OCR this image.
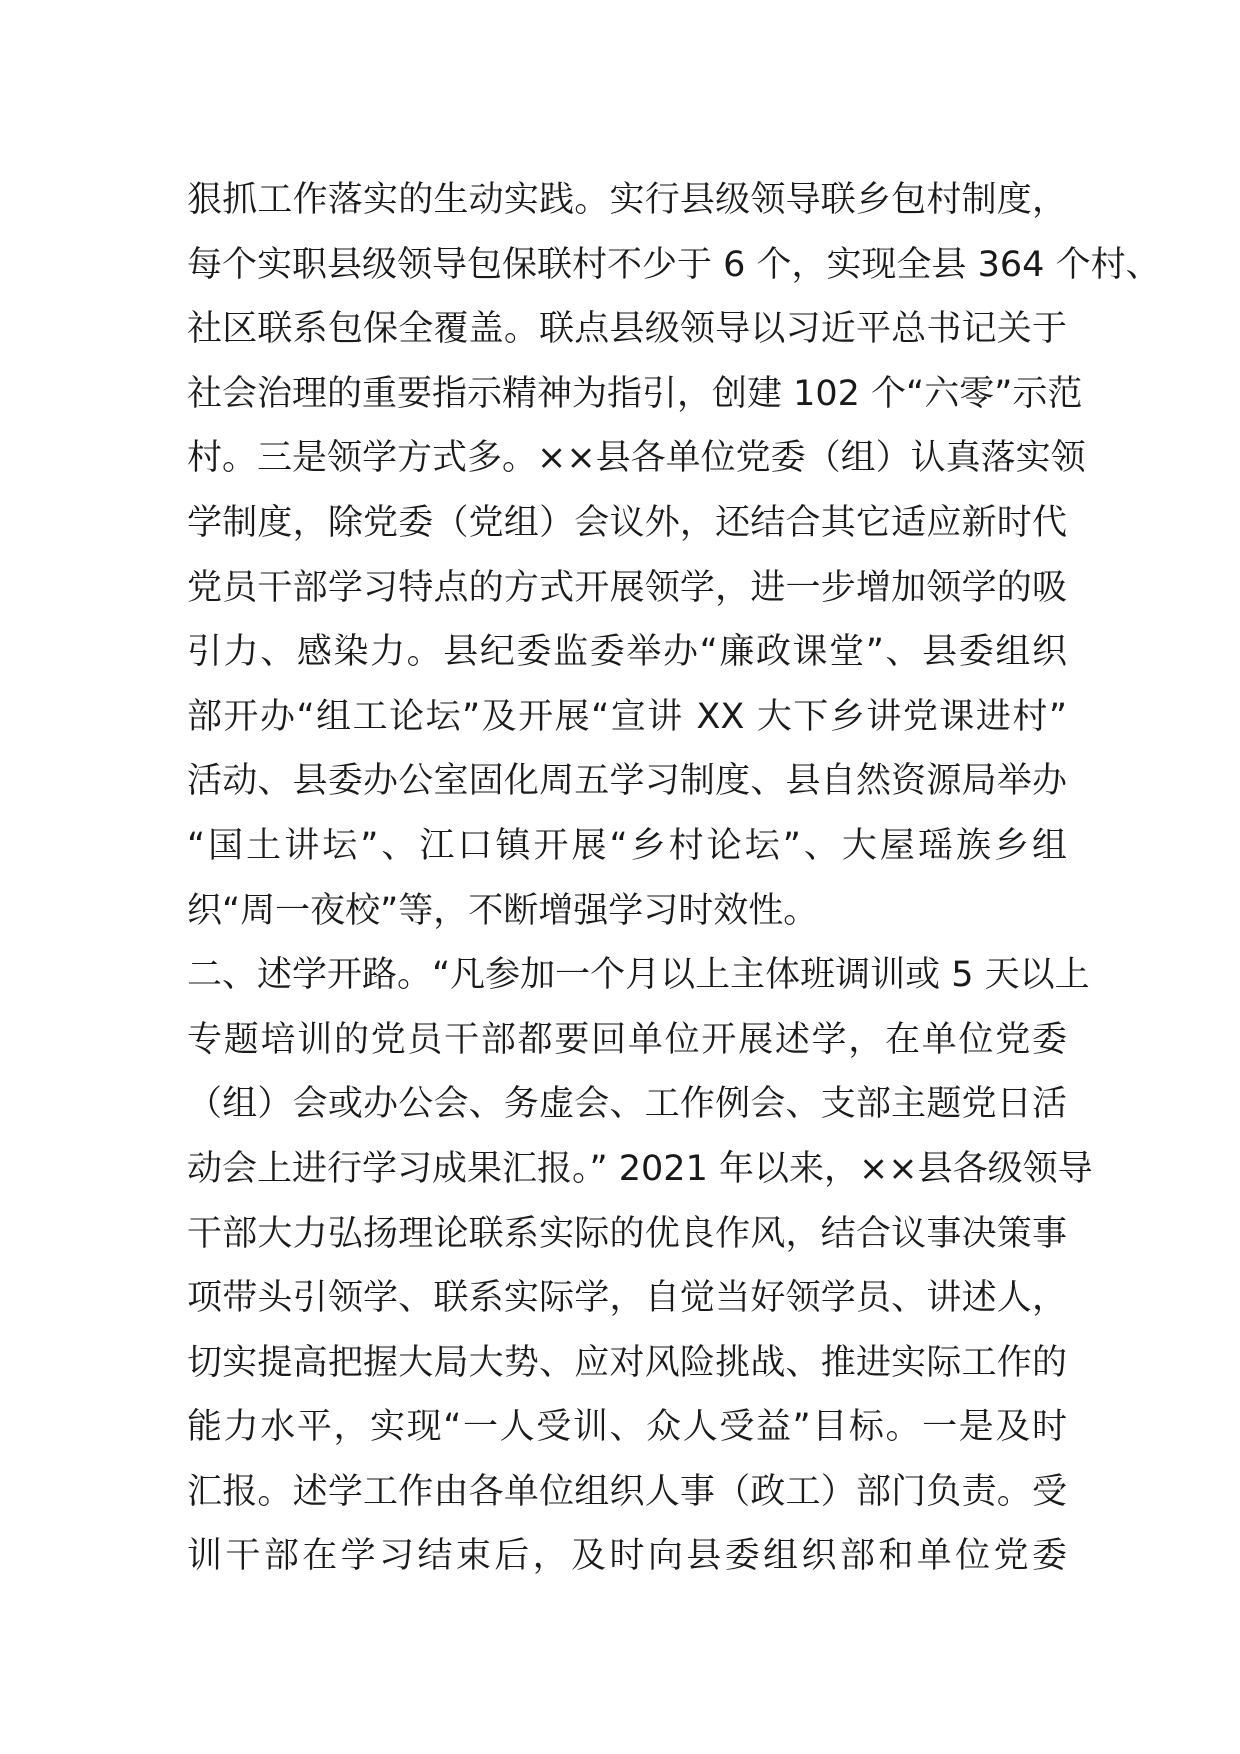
狠抓工作落实的生动实践。实行县级领导联乡包村制度，
每个实职县级领导包保联村不少于 6 个，实现全县 364 个村、
社区联系包保全覆盖。联点县级领导以习近平总书记关于
社会治理的重要指示精神为指引，创建 102 个“六零”示范
村。三是领学方式多。××县各单位党委（组）认真落实领
学制度，除党委（党组）会议外，还结合其它适应新时代
党员干部学习特点的方式开展领学，进一步增加领学的吸
引力、感染力。县纪委监委举办“廉政课堂”、县委组织
部开办“组工论坛”及开展“宣讲 XX 大下乡讲党课进村”
活动、县委办公室固化周五学习制度、县自然资源局举办
“国土讲坛”、江口镇开展“乡村论坛”、大屋瑶族乡组
织“周一夜校”等，不断增强学习时效性。
二、述学开路。“凡参加一个月以上主体班调训或 5 天以上
专题培训的党员干部都要回单位开展述学，在单位党委
（组）会或办公会、务虚会、工作例会、支部主题党日活
动会上进行学习成果汇报。” 2021 年以来，××县各级领导
干部大力弘扬理论联系实际的优良作风，结合议事决策事
项带头引领学、联系实际学，自觉当好领学员、讲述人，
切实提高把握大局大势、应对风险挑战、推进实际工作的
能力水平，实现“一人受训、众人受益”目标。一是及时
汇报。述学工作由各单位组织人事（政工）部门负责。受
训干部在学习结束后，及时向县委组织部和单位党委
